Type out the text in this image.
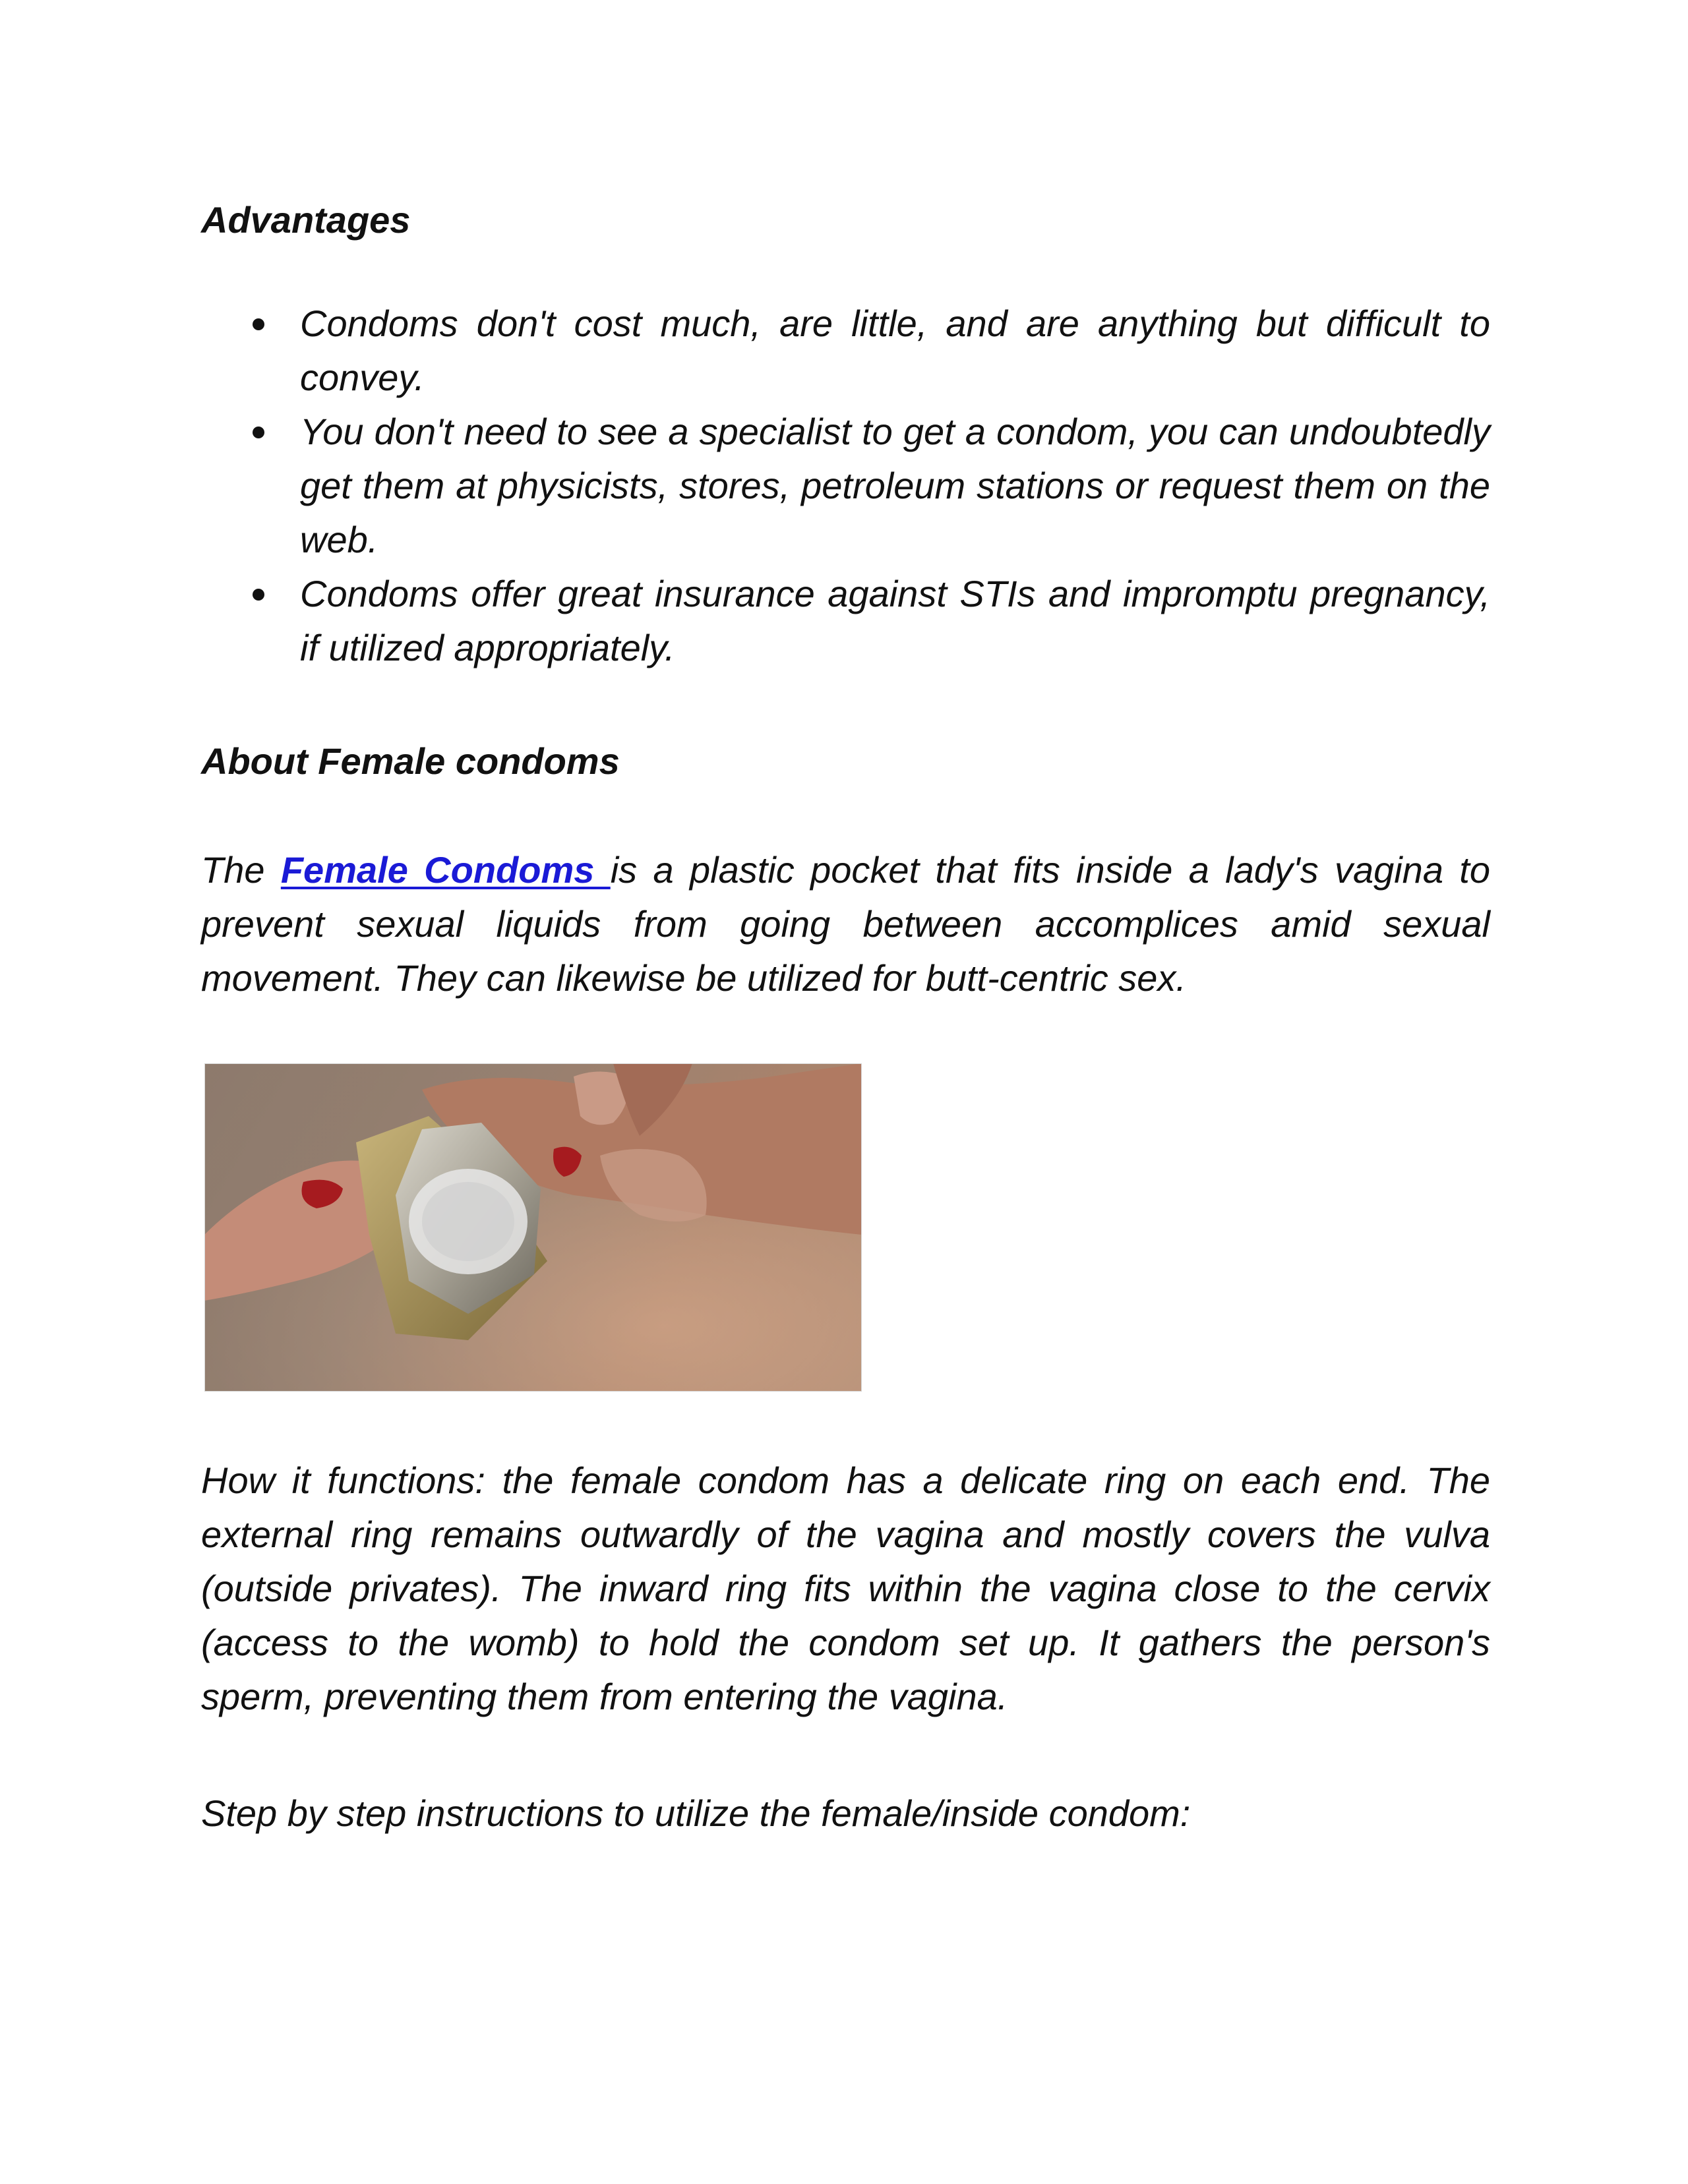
Advantages
Condoms don't cost much, are little, and are anything but difficult to convey.
You don't need to see a specialist to get a condom, you can undoubtedly get them at physicists, stores, petroleum stations or request them on the web.
Condoms offer great insurance against STIs and impromptu pregnancy, if utilized appropriately.
About Female condoms

The Female Condoms is a plastic pocket that fits inside a lady's vagina to prevent sexual liquids from going between accomplices amid sexual movement. They can likewise be utilized for butt-centric sex.

How it functions: the female condom has a delicate ring on each end. The external ring remains outwardly of the vagina and mostly covers the vulva (outside privates). The inward ring fits within the vagina close to the cervix (access to the womb) to hold the condom set up. It gathers the person's sperm, preventing them from entering the vagina.

Step by step instructions to utilize the female/inside condom:
